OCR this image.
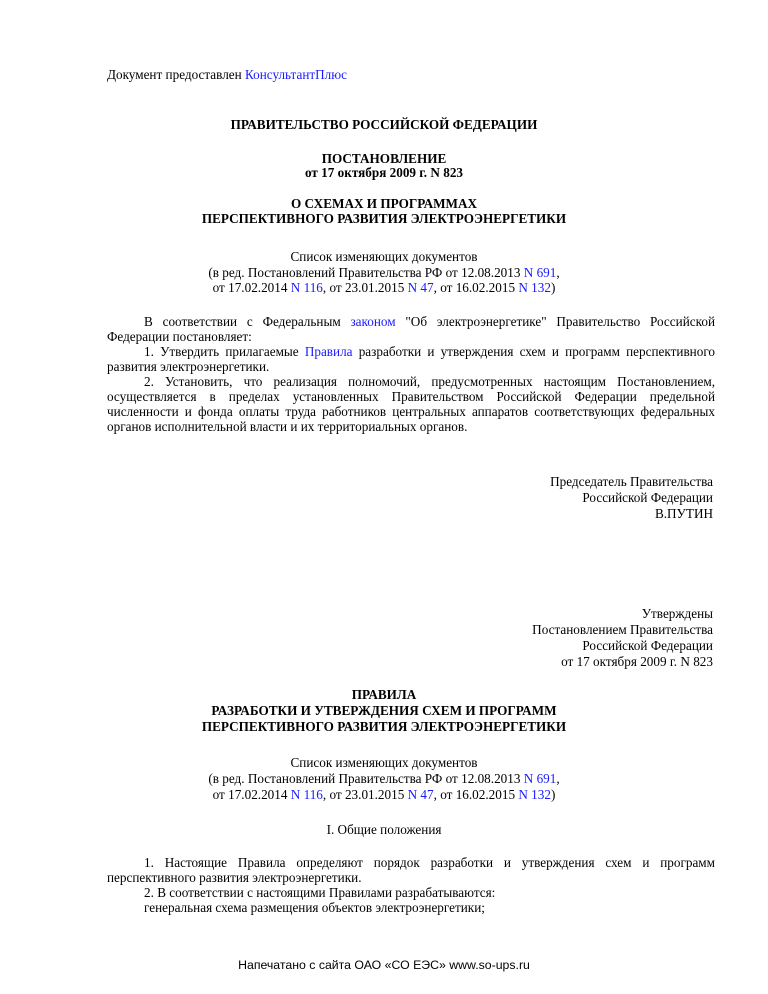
Документ предоставлен КонсультантПлюс
ПРАВИТЕЛЬСТВО РОССИЙСКОЙ ФЕДЕРАЦИИ
ПОСТАНОВЛЕНИЕ
от 17 октября 2009 г. N 823
О СХЕМАХ И ПРОГРАММАХ
ПЕРСПЕКТИВНОГО РАЗВИТИЯ ЭЛЕКТРОЭНЕРГЕТИКИ
Список изменяющих документов
(в ред. Постановлений Правительства РФ от 12.08.2013 N 691,
от 17.02.2014 N 116, от 23.01.2015 N 47, от 16.02.2015 N 132)

В соответствии с Федеральным законом "Об электроэнергетике" Правительство Российской Федерации постановляет:

1. Утвердить прилагаемые Правила разработки и утверждения схем и программ перспективного развития электроэнергетики.

2. Установить, что реализация полномочий, предусмотренных настоящим Постановлением, осуществляется в пределах установленных Правительством Российской Федерации предельной численности и фонда оплаты труда работников центральных аппаратов соответствующих федеральных органов исполнительной власти и их территориальных органов.

Председатель Правительства
Российской Федерации
В.ПУТИН
Утверждены
Постановлением Правительства
Российской Федерации
от 17 октября 2009 г. N 823
ПРАВИЛА
РАЗРАБОТКИ И УТВЕРЖДЕНИЯ СХЕМ И ПРОГРАММ
ПЕРСПЕКТИВНОГО РАЗВИТИЯ ЭЛЕКТРОЭНЕРГЕТИКИ
Список изменяющих документов
(в ред. Постановлений Правительства РФ от 12.08.2013 N 691,
от 17.02.2014 N 116, от 23.01.2015 N 47, от 16.02.2015 N 132)
I. Общие положения

1. Настоящие Правила определяют порядок разработки и утверждения схем и программ перспективного развития электроэнергетики.

2. В соответствии с настоящими Правилами разрабатываются:

генеральная схема размещения объектов электроэнергетики;

Напечатано с сайта ОАО «СО ЕЭС» www.so-ups.ru
